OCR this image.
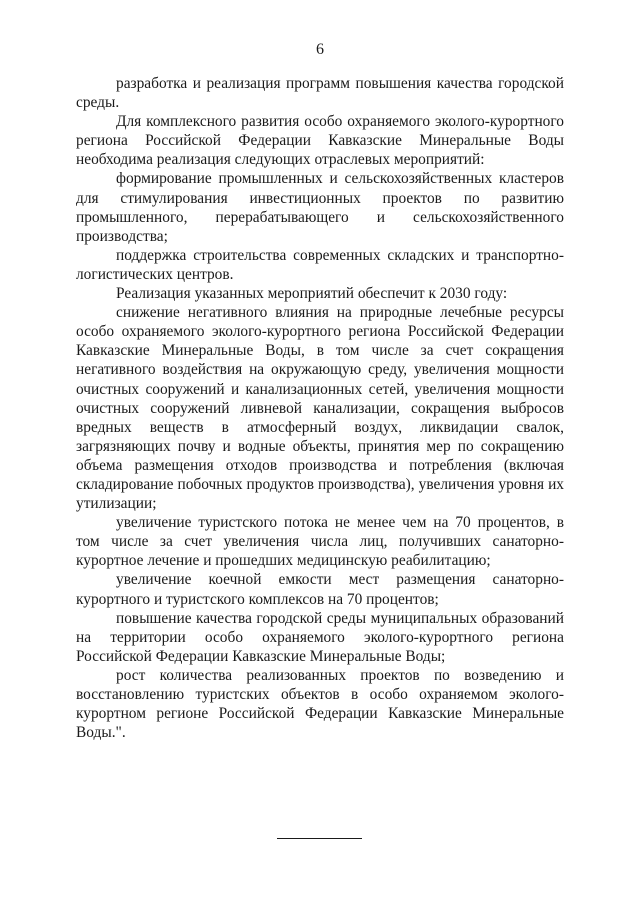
6

разработка и реализация программ повышения качества городской среды.

Для комплексного развития особо охраняемого эколого-курортного региона Российской Федерации Кавказские Минеральные Воды необходима реализация следующих отраслевых мероприятий:

формирование промышленных и сельскохозяйственных кластеров для стимулирования инвестиционных проектов по развитию промышленного, перерабатывающего и сельскохозяйственного производства;

поддержка строительства современных складских и транспортно-логистических центров.

Реализация указанных мероприятий обеспечит к 2030 году:

снижение негативного влияния на природные лечебные ресурсы особо охраняемого эколого-курортного региона Российской Федерации Кавказские Минеральные Воды, в том числе за счет сокращения негативного воздействия на окружающую среду, увеличения мощности очистных сооружений и канализационных сетей, увеличения мощности очистных сооружений ливневой канализации, сокращения выбросов вредных веществ в атмосферный воздух, ликвидации свалок, загрязняющих почву и водные объекты, принятия мер по сокращению объема размещения отходов производства и потребления (включая складирование побочных продуктов производства), увеличения уровня их утилизации;

увеличение туристского потока не менее чем на 70 процентов, в том числе за счет увеличения числа лиц, получивших санаторно-курортное лечение и прошедших медицинскую реабилитацию;

увеличение коечной емкости мест размещения санаторно-курортного и туристского комплексов на 70 процентов;

повышение качества городской среды муниципальных образований на территории особо охраняемого эколого-курортного региона Российской Федерации Кавказские Минеральные Воды;

рост количества реализованных проектов по возведению и восстановлению туристских объектов в особо охраняемом эколого-курортном регионе Российской Федерации Кавказские Минеральные Воды.".
